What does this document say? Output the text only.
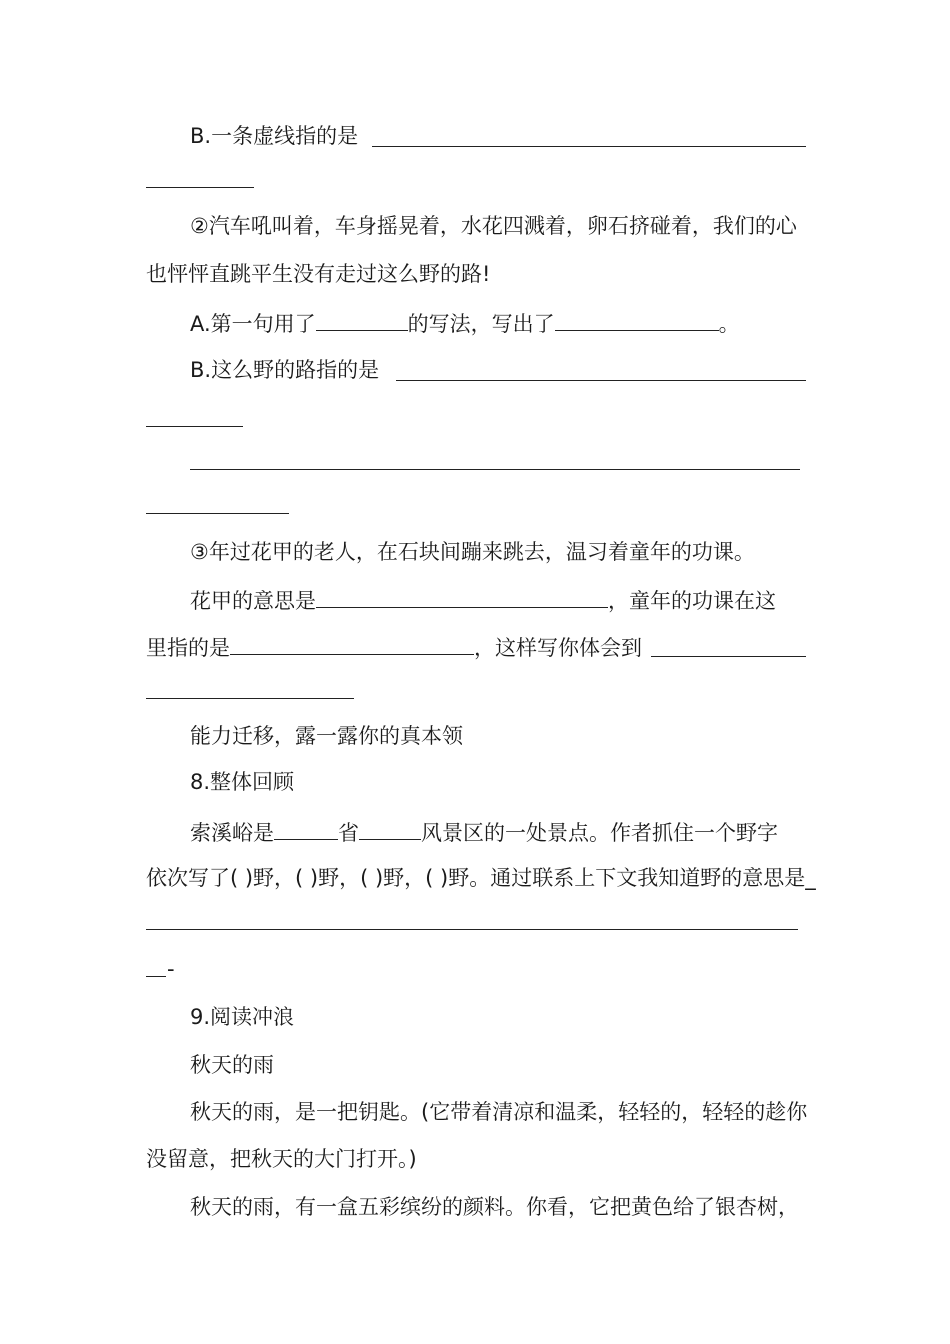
B.一条虚线指的是
②汽车吼叫着，车身摇晃着，水花四溅着，卵石挤碰着，我们的心
也怦怦直跳平生没有走过这么野的路!
A.第一句用了	的写法，写出了	。
B.这么野的路指的是
③年过花甲的老人，在石块间蹦来跳去，温习着童年的功课。
花甲的意思是	，童年的功课在这
里指的是	，这样写你体会到
能力迁移，露一露你的真本领
8.整体回顾
索溪峪是	省	风景区的一处景点。作者抓住一个野字
依次写了( )野，( )野，( )野，( )野。通过联系上下文我知道野的意思是_
-
9.阅读冲浪
秋天的雨
秋天的雨，是一把钥匙。(它带着清凉和温柔，轻轻的，轻轻的趁你
没留意，把秋天的大门打开。)
秋天的雨，有一盒五彩缤纷的颜料。你看，它把黄色给了银杏树，
